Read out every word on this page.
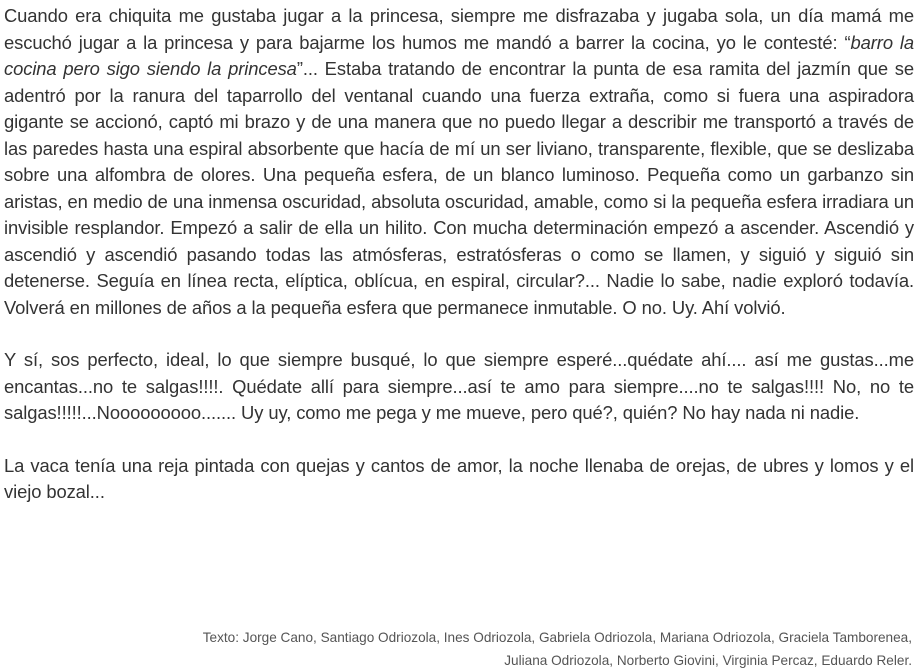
Cuando era chiquita me gustaba jugar a la princesa, siempre me disfrazaba y jugaba sola, un día mamá me escuchó jugar a la princesa y para bajarme los humos me mandó a barrer la cocina, yo le contesté: “barro la cocina pero sigo siendo la princesa”... Estaba tratando de encontrar la punta de esa ramita del jazmín que se adentró por la ranura del taparrollo del ventanal cuando una fuerza extraña, como si fuera una aspiradora gigante se accionó, captó mi brazo y de una manera que no puedo llegar a describir me transportó a través de las paredes hasta una espiral absorbente que hacía de mí un ser liviano, transparente, flexible, que se deslizaba sobre una alfombra de olores. Una pequeña esfera, de un blanco luminoso. Pequeña como un garbanzo sin aristas, en medio de una inmensa oscuridad, absoluta oscuridad, amable, como si la pequeña esfera irradiara un invisible resplandor. Empezó a salir de ella un hilito. Con mucha determinación empezó a ascender. Ascendió y ascendió y ascendió pasando todas las atmósferas, estratósferas o como se llamen, y siguió y siguió sin detenerse. Seguía en línea recta, elíptica, oblícua, en espiral, circular?... Nadie lo sabe, nadie exploró todavía. Volverá en millones de años a la pequeña esfera que permanece inmutable. O no. Uy. Ahí volvió.

Y sí, sos perfecto, ideal, lo que siempre busqué, lo que siempre esperé...quédate ahí.... así me gustas...me encantas...no te salgas!!!!. Quédate allí para siempre...así te amo para siempre....no te salgas!!!! No, no te salgas!!!!!...Nooooooooo....... Uy uy, como me pega y me mueve, pero qué?, quién? No hay nada ni nadie.

La vaca tenía una reja pintada con quejas y cantos de amor, la noche llenaba de orejas, de ubres y lomos y el viejo bozal...

Texto: Jorge Cano, Santiago Odriozola, Ines Odriozola, Gabriela Odriozola, Mariana Odriozola, Graciela Tamborenea,
Juliana Odriozola, Norberto Giovini, Virginia Percaz, Eduardo Reler.
